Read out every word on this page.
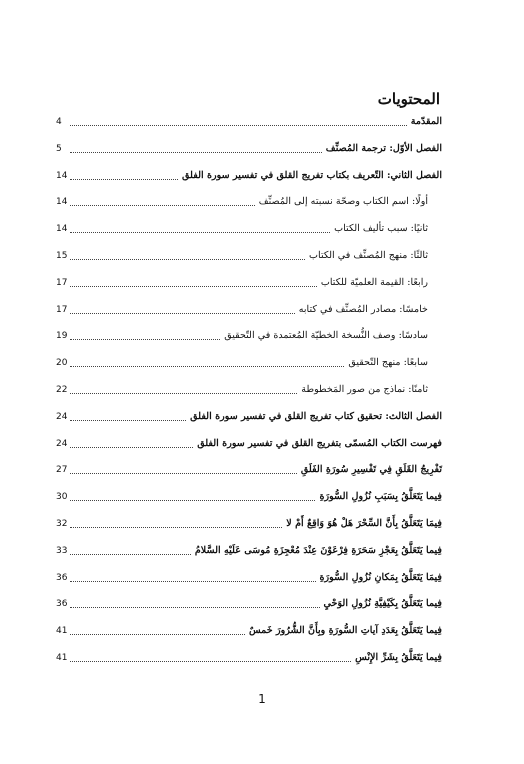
المحتويات
المقدّمة
4
الفصل الأوّل: ترجمة المُصنِّف
5
الفصل الثاني: التّعريف بكتاب تفريج القلق في تفسير سورة الفلق
14
أولًا: اسم الكتاب وصحّة نسبته إلى المُصنِّف
14
ثانيًا: سبب تأليف الكتاب
14
ثالثًا: منهج المُصنِّف في الكتاب
15
رابعًا: القيمة العلميّة للكتاب
17
خامسًا: مصادر المُصنِّف في كتابه
17
سادسًا: وصف النُّسخة الخطيّة المُعتمدة في التّحقيق
19
سابعًا: منهج التّحقيق
20
ثامنًا: نماذج من صور المَخطوطة
22
الفصل الثالث: تحقيق كتاب تفريج القلق في تفسير سورة الفلق
24
فهرست الكتاب المُسمّى بتفريج القلق في تفسير سورة الفلق
24
تَفْرِيجُ القَلَقِ فِي تَفْسِيرِ سُورَةِ الفَلَقِ
27
فِيما يَتَعَلَّقُ بِسَبَبِ نُزُولِ السُّورَةِ
30
فِيمَا يَتَعَلَّقُ بِأَنَّ السِّحْرَ هَلْ هُوَ وَاقِعٌ أَمْ لا
32
فِيما يَتَعَلَّقُ بِعَجْزِ سَحَرَةِ فِرْعَوْنَ عِنْدَ مُعْجِزَةِ مُوسَى عَلَيْهِ السَّلامُ
33
فِيمَا يَتَعَلَّقُ بِمَكانِ نُزُولِ السُّورَةِ
36
فِيما يَتَعَلَّقُ بِكَيْفِيَّةِ نُزُولِ الوَحْيِ
36
فِيما يَتَعَلَّقُ بِعَدَدِ آياتِ السُّورَةِ وبِأَنَّ الشُّرُورَ خَمسٌ
41
فِيما يَتَعَلَّقُ بِشَرِّ الإِنْسِ
41
1
